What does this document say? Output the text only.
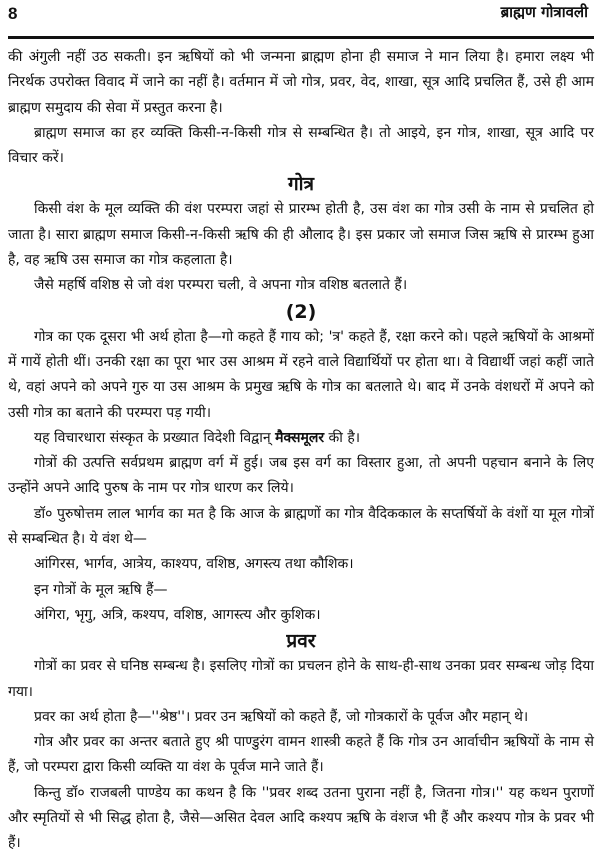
8	ब्राह्मण गोत्रावली

की अंगुली नहीं उठ सकती। इन ऋषियों को भी जन्मना ब्राह्मण होना ही समाज ने मान लिया है। हमारा लक्ष्य भी निरर्थक उपरोक्त विवाद में जाने का नहीं है। वर्तमान में जो गोत्र, प्रवर, वेद, शाखा, सूत्र आदि प्रचलित हैं, उसे ही आम ब्राह्मण समुदाय की सेवा में प्रस्तुत करना है।

ब्राह्मण समाज का हर व्यक्ति किसी-न-किसी गोत्र से सम्बन्धित है। तो आइये, इन गोत्र, शाखा, सूत्र आदि पर विचार करें।

गोत्र

किसी वंश के मूल व्यक्ति की वंश परम्परा जहां से प्रारम्भ होती है, उस वंश का गोत्र उसी के नाम से प्रचलित हो जाता है। सारा ब्राह्मण समाज किसी-न-किसी ऋषि की ही औलाद है। इस प्रकार जो समाज जिस ऋषि से प्रारम्भ हुआ है, वह ऋषि उस समाज का गोत्र कहलाता है।

जैसे महर्षि वशिष्ठ से जो वंश परम्परा चली, वे अपना गोत्र वशिष्ठ बतलाते हैं।

(2)

गोत्र का एक दूसरा भी अर्थ होता है—गो कहते हैं गाय को; 'त्र' कहते हैं, रक्षा करने को। पहले ऋषियों के आश्रमों में गायें होती थीं। उनकी रक्षा का पूरा भार उस आश्रम में रहने वाले विद्यार्थियों पर होता था। वे विद्यार्थी जहां कहीं जाते थे, वहां अपने को अपने गुरु या उस आश्रम के प्रमुख ऋषि के गोत्र का बतलाते थे। बाद में उनके वंशधरों में अपने को उसी गोत्र का बताने की परम्परा पड़ गयी।

यह विचारधारा संस्कृत के प्रख्यात विदेशी विद्वान् मैक्समूलर की है।

गोत्रों की उत्पत्ति सर्वप्रथम ब्राह्मण वर्ग में हुई। जब इस वर्ग का विस्तार हुआ, तो अपनी पहचान बनाने के लिए उन्होंने अपने आदि पुरुष के नाम पर गोत्र धारण कर लिये।

डॉ० पुरुषोत्तम लाल भार्गव का मत है कि आज के ब्राह्मणों का गोत्र वैदिककाल के सप्तर्षियों के वंशों या मूल गोत्रों से सम्बन्धित है। ये वंश थे—

आंगिरस, भार्गव, आत्रेय, काश्यप, वशिष्ठ, अगस्त्य तथा कौशिक।

इन गोत्रों के मूल ऋषि हैं—

अंगिरा, भृगु, अत्रि, कश्यप, वशिष्ठ, आगस्त्य और कुशिक।

प्रवर

गोत्रों का प्रवर से घनिष्ठ सम्बन्ध है। इसलिए गोत्रों का प्रचलन होने के साथ-ही-साथ उनका प्रवर सम्बन्ध जोड़ दिया गया।

प्रवर का अर्थ होता है—''श्रेष्ठ''। प्रवर उन ऋषियों को कहते हैं, जो गोत्रकारों के पूर्वज और महान् थे।

गोत्र और प्रवर का अन्तर बताते हुए श्री पाण्डुरंग वामन शास्त्री कहते हैं कि गोत्र उन आर्वाचीन ऋषियों के नाम से हैं, जो परम्परा द्वारा किसी व्यक्ति या वंश के पूर्वज माने जाते हैं।

किन्तु डॉ० राजबली पाण्डेय का कथन है कि ''प्रवर शब्द उतना पुराना नहीं है, जितना गोत्र।'' यह कथन पुराणों और स्मृतियों से भी सिद्ध होता है, जैसे—असित देवल आदि कश्यप ऋषि के वंशज भी हैं और कश्यप गोत्र के प्रवर भी हैं।
